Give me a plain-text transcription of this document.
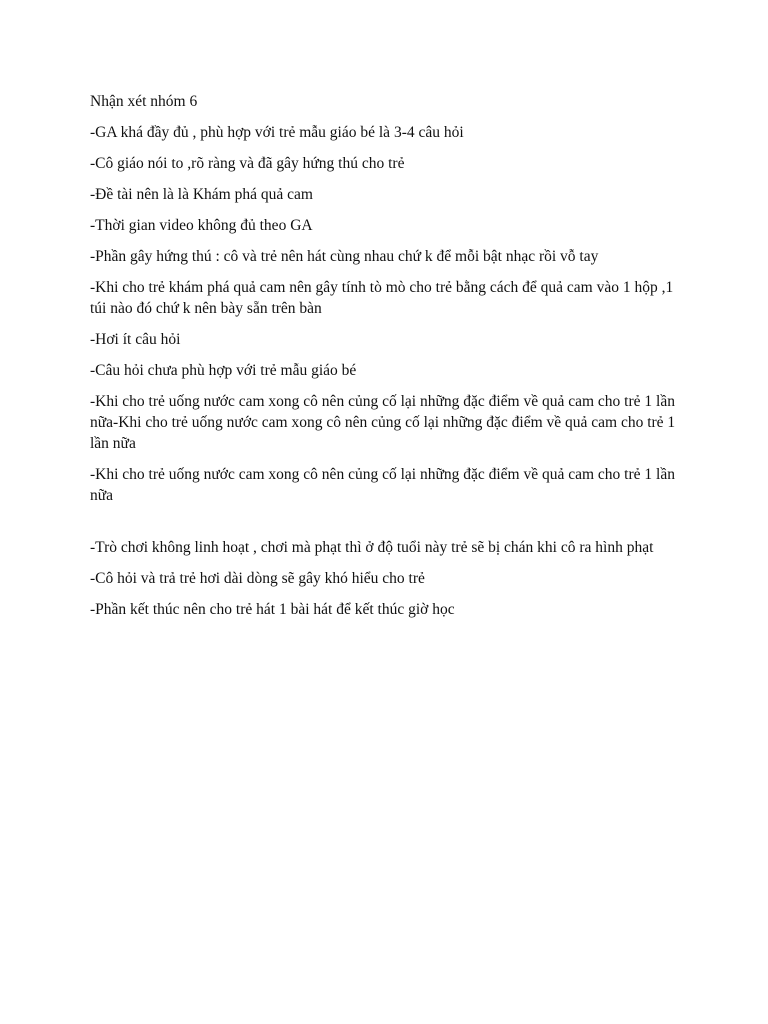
Nhận xét nhóm 6

-GA khá đầy đủ , phù hợp với trẻ mẫu giáo bé là 3-4 câu hỏi

-Cô giáo nói to ,rõ ràng và đã gây hứng thú cho trẻ

-Đề tài nên là là Khám phá quả cam

-Thời gian video không đủ theo GA

-Phần gây hứng thú : cô và trẻ nên hát cùng nhau chứ k để mỗi bật nhạc rồi vỗ tay

-Khi cho trẻ khám phá quả cam nên gây tính tò mò cho trẻ bằng cách để quả cam vào 1 hộp ,1 túi nào đó chứ k nên bày sẵn trên bàn

-Hơi ít câu hỏi

-Câu hỏi chưa phù hợp với trẻ mẫu giáo bé

-Khi cho trẻ uống nước cam xong cô nên củng cố lại những đặc điểm về quả cam cho trẻ 1 lần nữa-Khi cho trẻ uống nước cam xong cô nên củng cố lại những đặc điểm về quả cam cho trẻ 1 lần nữa

-Khi cho trẻ uống nước cam xong cô nên củng cố lại những đặc điểm về quả cam cho trẻ 1 lần nữa

-Trò chơi không linh hoạt , chơi mà phạt thì ở độ tuổi này trẻ sẽ bị chán khi cô ra hình phạt

-Cô hỏi và trả trẻ hơi dài dòng sẽ gây khó hiểu cho trẻ

-Phần kết thúc nên cho trẻ hát 1 bài hát để kết thúc giờ học
